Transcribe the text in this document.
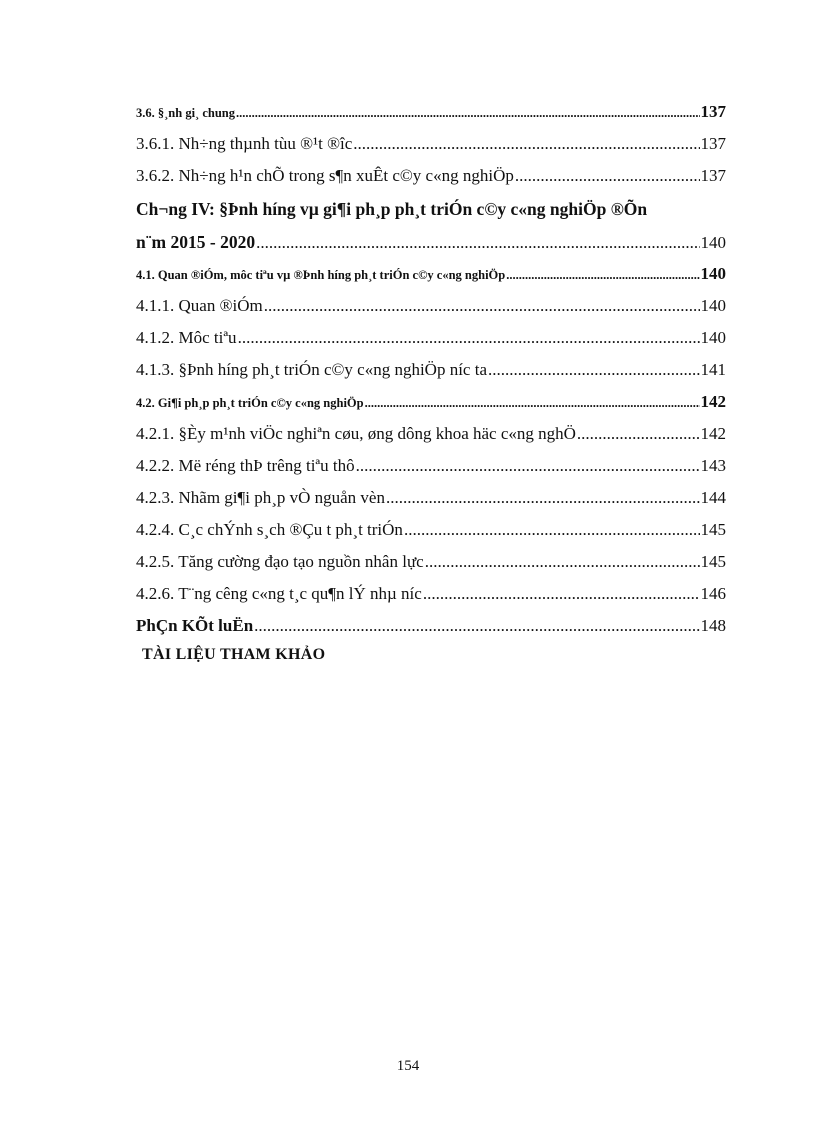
3.6. §¸nh gi¸ chung .....	137
3.6.1. Nh÷ng thµnh tùu ®¹t ®îc .....	137
3.6.2. Nh÷ng h¹n chÕ trong s¶n xuÊt c©y c«ng nghiÖp .....	137
Ch¬ng IV: §Þnh híng vµ gi¶i ph¸p ph¸t triÓn c©y c«ng nghiÖp ®Õn
n¨m 2015 - 2020 .....	140
4.1. Quan ®iÓm, môc tiªu vµ ®Þnh híng ph¸t triÓn c©y c«ng nghiÖp .....	140
4.1.1. Quan ®iÓm .....	140
4.1.2. Môc tiªu .....	140
4.1.3. §Þnh híng ph¸t triÓn c©y c«ng nghiÖp níc ta .....	141
4.2. Gi¶i ph¸p ph¸t triÓn c©y c«ng nghiÖp .....	142
4.2.1. §Èy m¹nh viÖc nghiªn cøu, øng dông khoa häc c«ng nghÖ .....	142
4.2.2. Më réng thÞ trêng tiªu thô .....	143
4.2.3. Nhãm gi¶i ph¸p vÒ nguån vèn .....	144
4.2.4. C¸c chÝnh s¸ch ®Çu t ph¸t triÓn .....	145
4.2.5. Tăng cường đạo tạo nguồn nhân lực .....	145
4.2.6. T¨ng cêng c«ng t¸c qu¶n lÝ nhµ níc .....	146
PhÇn KÕt luËn .....	148
TÀI LIỆU THAM KHẢO
154
